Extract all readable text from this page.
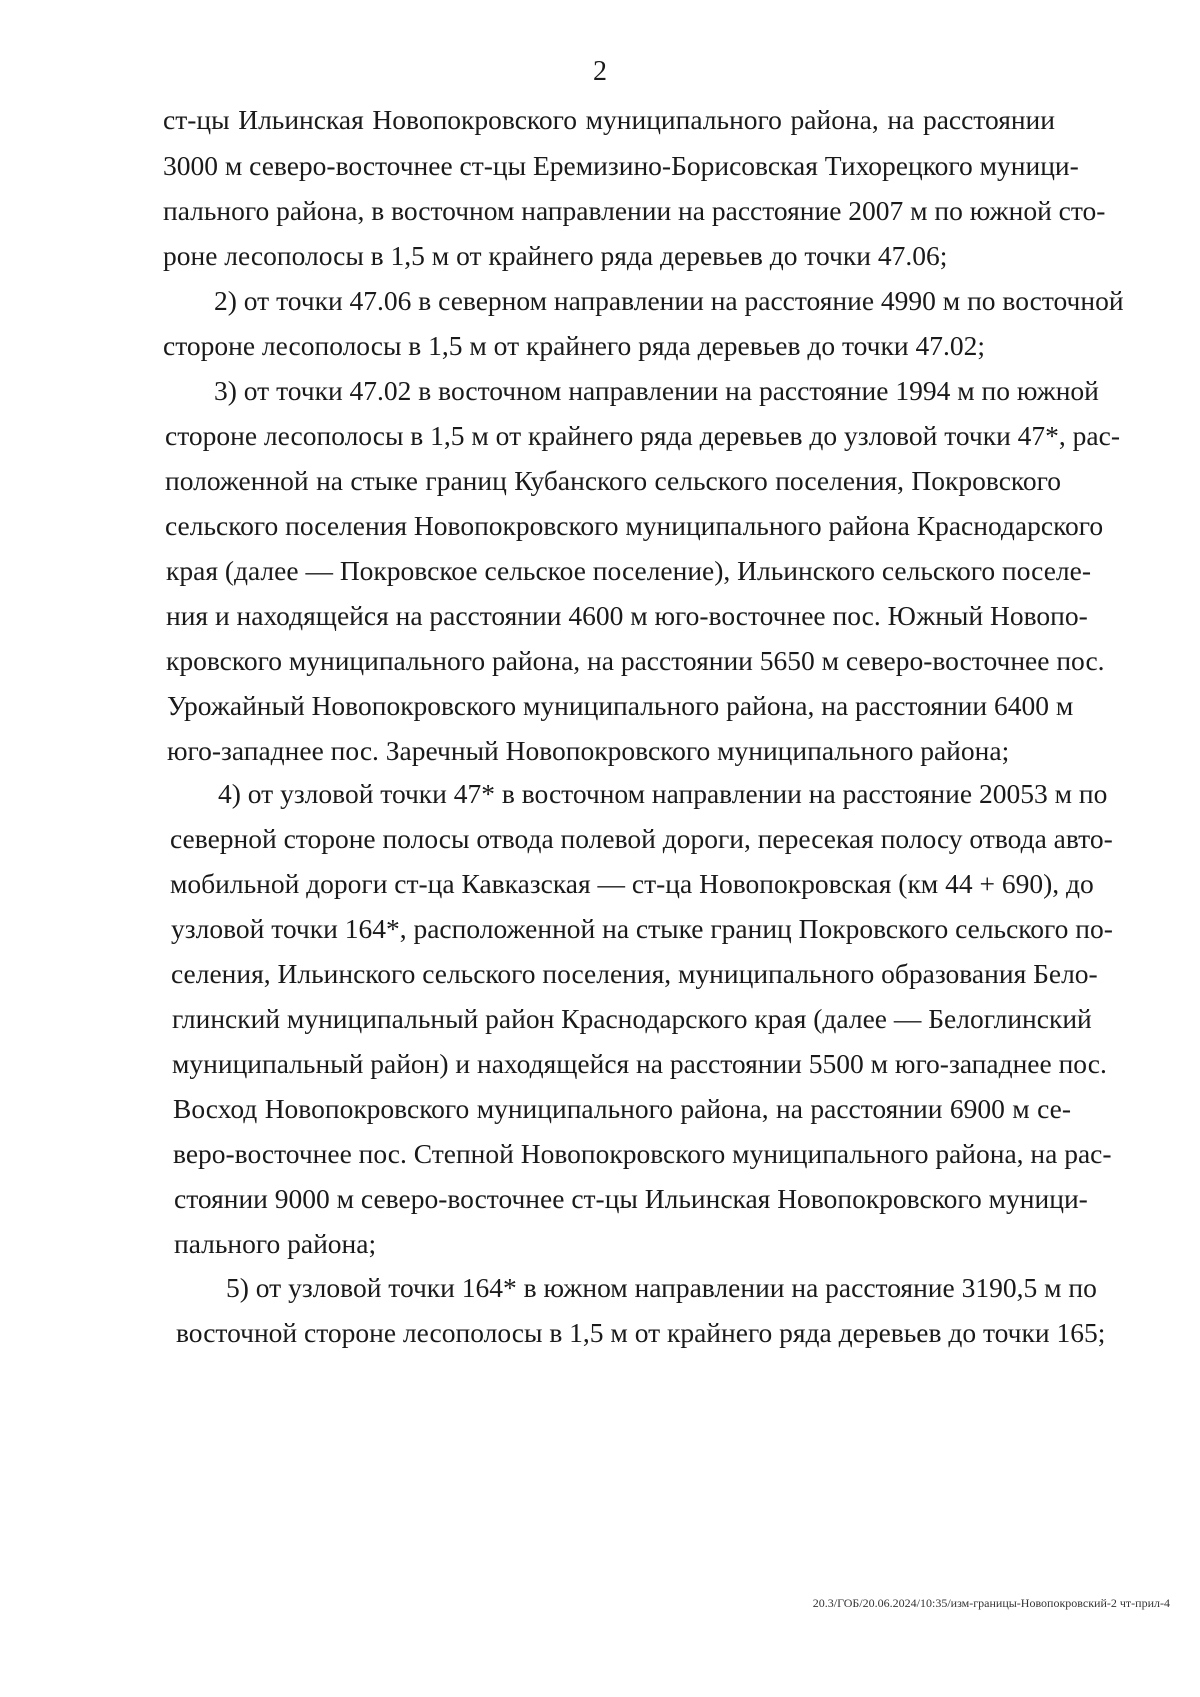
2
ст-цы Ильинская Новопокровского муниципального района, на расстоянии
3000 м северо-восточнее ст-цы Еремизино-Борисовская Тихорецкого муници-
пального района, в восточном направлении на расстояние 2007 м по южной сто-
роне лесополосы в 1,5 м от крайнего ряда деревьев до точки 47.06;
2) от точки 47.06 в северном направлении на расстояние 4990 м по восточной
стороне лесополосы в 1,5 м от крайнего ряда деревьев до точки 47.02;
3) от точки 47.02 в восточном направлении на расстояние 1994 м по южной
стороне лесополосы в 1,5 м от крайнего ряда деревьев до узловой точки 47*, рас-
положенной на стыке границ Кубанского сельского поселения, Покровского
сельского поселения Новопокровского муниципального района Краснодарского
края (далее — Покровское сельское поселение), Ильинского сельского поселе-
ния и находящейся на расстоянии 4600 м юго-восточнее пос. Южный Новопо-
кровского муниципального района, на расстоянии 5650 м северо-восточнее пос.
Урожайный Новопокровского муниципального района, на расстоянии 6400 м
юго-западнее пос. Заречный Новопокровского муниципального района;
4) от узловой точки 47* в восточном направлении на расстояние 20053 м по
северной стороне полосы отвода полевой дороги, пересекая полосу отвода авто-
мобильной дороги ст-ца Кавказская — ст-ца Новопокровская (км 44 + 690), до
узловой точки 164*, расположенной на стыке границ Покровского сельского по-
селения, Ильинского сельского поселения, муниципального образования Бело-
глинский муниципальный район Краснодарского края (далее — Белоглинский
муниципальный район) и находящейся на расстоянии 5500 м юго-западнее пос.
Восход Новопокровского муниципального района, на расстоянии 6900 м се-
веро-восточнее пос. Степной Новопокровского муниципального района, на рас-
стоянии 9000 м северо-восточнее ст-цы Ильинская Новопокровского муници-
пального района;
5) от узловой точки 164* в южном направлении на расстояние 3190,5 м по
восточной стороне лесополосы в 1,5 м от крайнего ряда деревьев до точки 165;
20.3/ГОБ/20.06.2024/10:35/изм-границы-Новопокровский-2 чт-прил-4
